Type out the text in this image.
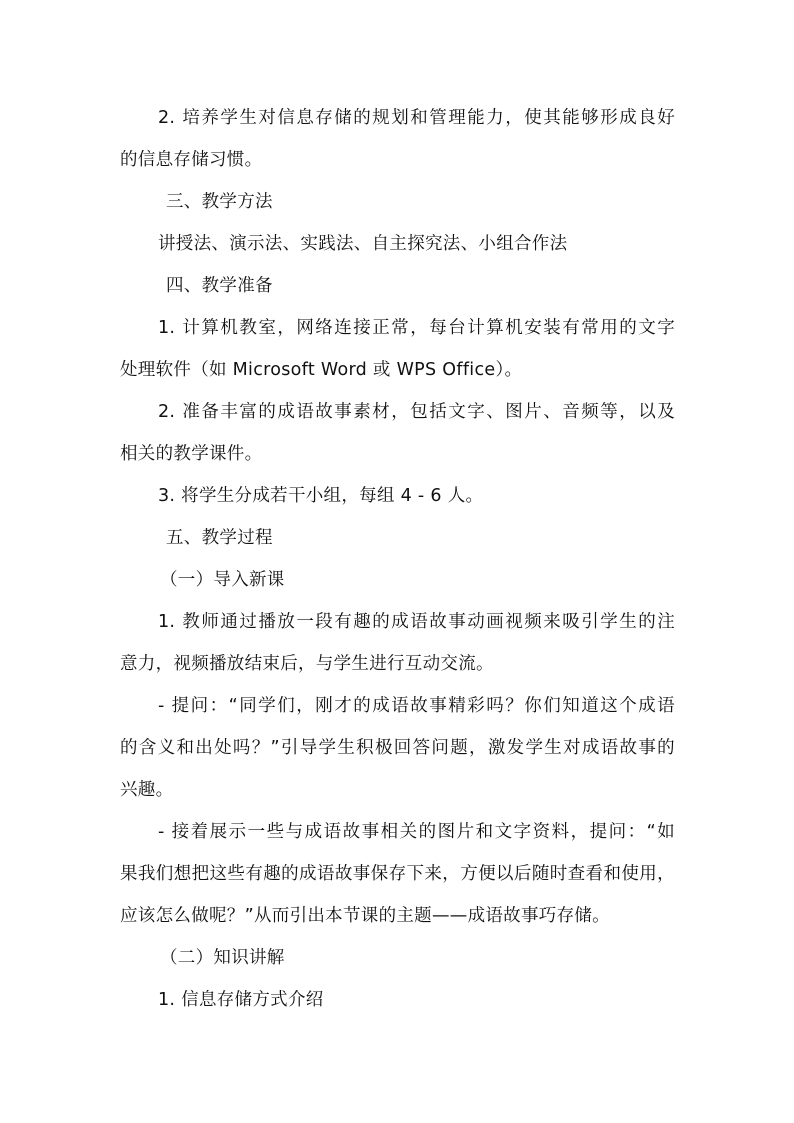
2. 培养学生对信息存储的规划和管理能力，使其能够形成良好
的信息存储习惯。
三、教学方法
讲授法、演示法、实践法、自主探究法、小组合作法
四、教学准备
1. 计算机教室，网络连接正常，每台计算机安装有常用的文字
处理软件（如 Microsoft Word 或 WPS Office）。
2. 准备丰富的成语故事素材，包括文字、图片、音频等，以及
相关的教学课件。
3. 将学生分成若干小组，每组 4 - 6 人。
五、教学过程
（一）导入新课
1. 教师通过播放一段有趣的成语故事动画视频来吸引学生的注
意力，视频播放结束后，与学生进行互动交流。
- 提问：“同学们，刚才的成语故事精彩吗？你们知道这个成语
的含义和出处吗？”引导学生积极回答问题，激发学生对成语故事的
兴趣。
- 接着展示一些与成语故事相关的图片和文字资料，提问：“如
果我们想把这些有趣的成语故事保存下来，方便以后随时查看和使用，
应该怎么做呢？”从而引出本节课的主题——成语故事巧存储。
（二）知识讲解
1. 信息存储方式介绍
